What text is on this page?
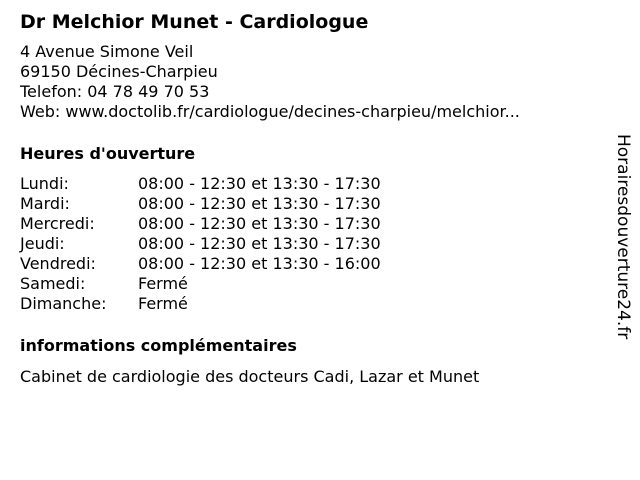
Dr Melchior Munet - Cardiologue
4 Avenue Simone Veil
69150 Décines-Charpieu
Telefon: 04 78 49 70 53
Web: www.doctolib.fr/cardiologue/decines-charpieu/melchior...
Heures d'ouverture
Lundi:	08:00 - 12:30 et 13:30 - 17:30
Mardi:	08:00 - 12:30 et 13:30 - 17:30
Mercredi:	08:00 - 12:30 et 13:30 - 17:30
Jeudi:	08:00 - 12:30 et 13:30 - 17:30
Vendredi:	08:00 - 12:30 et 13:30 - 16:00
Samedi:	Fermé
Dimanche: Fermé
informations complémentaires
Cabinet de cardiologie des docteurs Cadi, Lazar et Munet
Horairesdouverture24.fr
